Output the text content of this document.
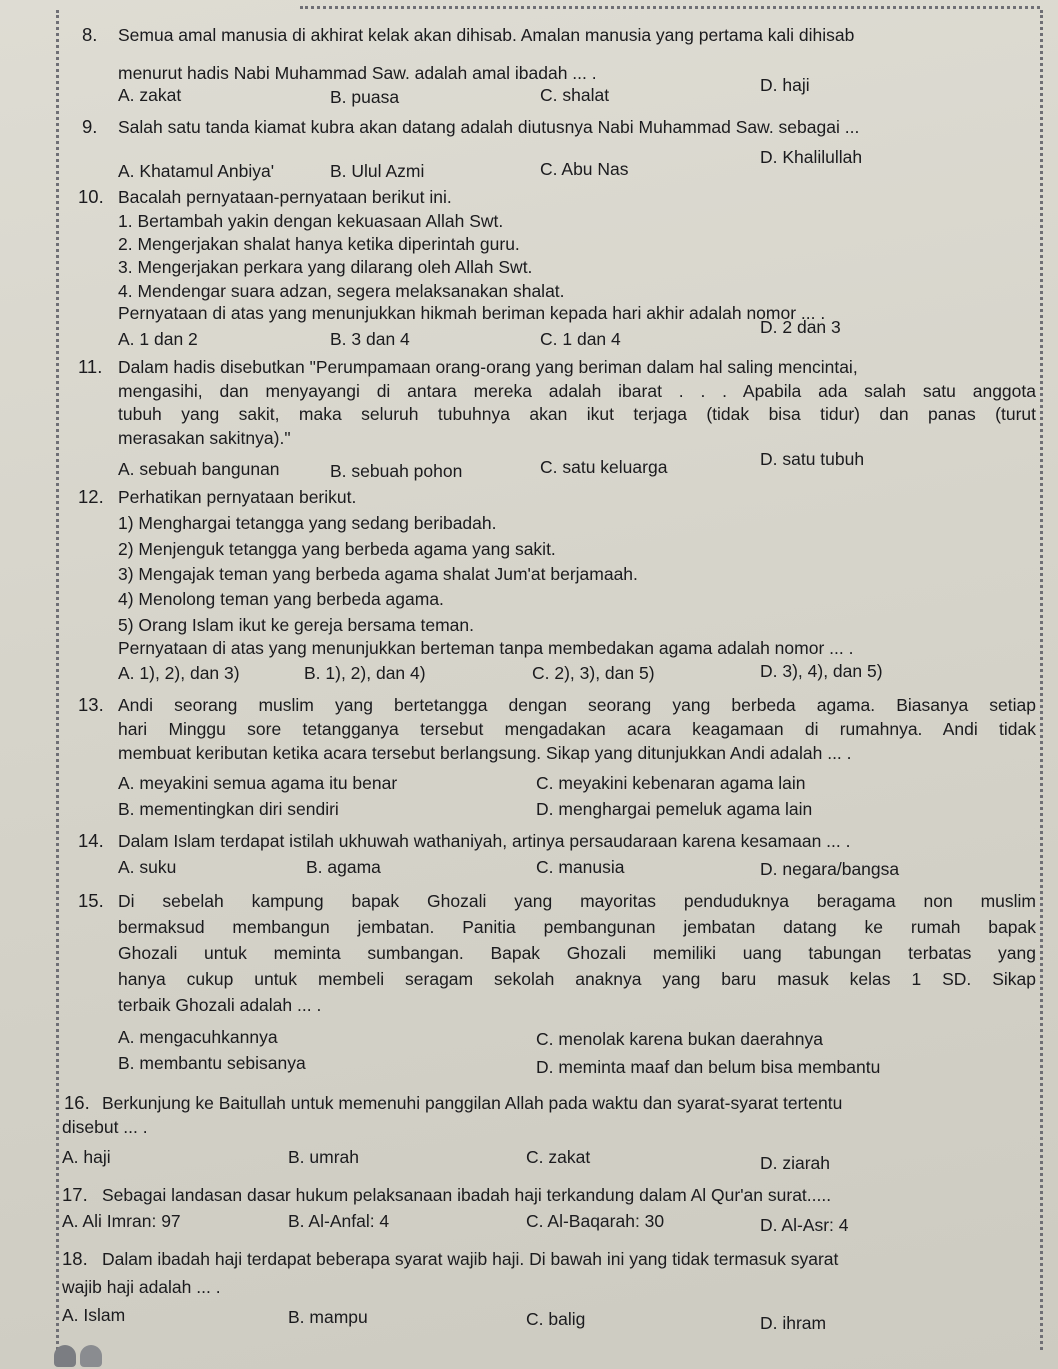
8. Semua amal manusia di akhirat kelak akan dihisab. Amalan manusia yang pertama kali dihisab
menurut hadis Nabi Muhammad Saw. adalah amal ibadah ... .
A. zakat	B. puasa	C. shalat	D. haji
9. Salah satu tanda kiamat kubra akan datang adalah diutusnya Nabi Muhammad Saw. sebagai ...
A. Khatamul Anbiya'	B. Ulul Azmi	C. Abu Nas
D. Khalilullah
10. Bacalah pernyataan-pernyataan berikut ini.
1. Bertambah yakin dengan kekuasaan Allah Swt.
2. Mengerjakan shalat hanya ketika diperintah guru.
3. Mengerjakan perkara yang dilarang oleh Allah Swt.
4. Mendengar suara adzan, segera melaksanakan shalat.
Pernyataan di atas yang menunjukkan hikmah beriman kepada hari akhir adalah nomor ... .
A. 1 dan 2	B. 3 dan 4	C. 1 dan 4
D. 2 dan 3
11. Dalam hadis disebutkan "Perumpamaan orang-orang yang beriman dalam hal saling mencintai,
mengasihi, dan menyayangi di antara mereka adalah ibarat . . . Apabila ada salah satu anggota
tubuh yang sakit, maka seluruh tubuhnya akan ikut terjaga (tidak bisa tidur) dan panas (turut
merasakan sakitnya)."
A. sebuah bangunan	B. sebuah pohon	C. satu keluarga	D. satu tubuh
12. Perhatikan pernyataan berikut.
1) Menghargai tetangga yang sedang beribadah.
2) Menjenguk tetangga yang berbeda agama yang sakit.
3) Mengajak teman yang berbeda agama shalat Jum'at berjamaah.
4) Menolong teman yang berbeda agama.
5) Orang Islam ikut ke gereja bersama teman.
Pernyataan di atas yang menunjukkan berteman tanpa membedakan agama adalah nomor ... .
A. 1), 2), dan 3)	B. 1), 2), dan 4)	C. 2), 3), dan 5)	D. 3), 4), dan 5)
13. Andi seorang muslim yang bertetangga dengan seorang yang berbeda agama. Biasanya setiap
hari Minggu sore tetangganya tersebut mengadakan acara keagamaan di rumahnya. Andi tidak
membuat keributan ketika acara tersebut berlangsung. Sikap yang ditunjukkan Andi adalah ... .
A. meyakini semua agama itu benar
B. mementingkan diri sendiri
C. meyakini kebenaran agama lain
D. menghargai pemeluk agama lain
14. Dalam Islam terdapat istilah ukhuwah wathaniyah, artinya persaudaraan karena kesamaan ... .
A. suku	B. agama	C. manusia	D. negara/bangsa
15. Di sebelah kampung bapak Ghozali yang mayoritas penduduknya beragama non muslim
bermaksud membangun jembatan. Panitia pembangunan jembatan datang ke rumah bapak
Ghozali untuk meminta sumbangan. Bapak Ghozali memiliki uang tabungan terbatas yang
hanya cukup untuk membeli seragam sekolah anaknya yang baru masuk kelas 1 SD. Sikap
terbaik Ghozali adalah ... .
A. mengacuhkannya
B. membantu sebisanya
C. menolak karena bukan daerahnya
D. meminta maaf dan belum bisa membantu
16. Berkunjung ke Baitullah untuk memenuhi panggilan Allah pada waktu dan syarat-syarat tertentu
disebut ... .
A. haji	B. umrah	C. zakat	D. ziarah
17. Sebagai landasan dasar hukum pelaksanaan ibadah haji terkandung dalam Al Qur'an surat.....
A. Ali Imran: 97	B. Al-Anfal: 4	C. Al-Baqarah: 30	D. Al-Asr: 4
18. Dalam ibadah haji terdapat beberapa syarat wajib haji. Di bawah ini yang tidak termasuk syarat
wajib haji adalah ... .
A. Islam	B. mampu	C. balig	D. ihram
